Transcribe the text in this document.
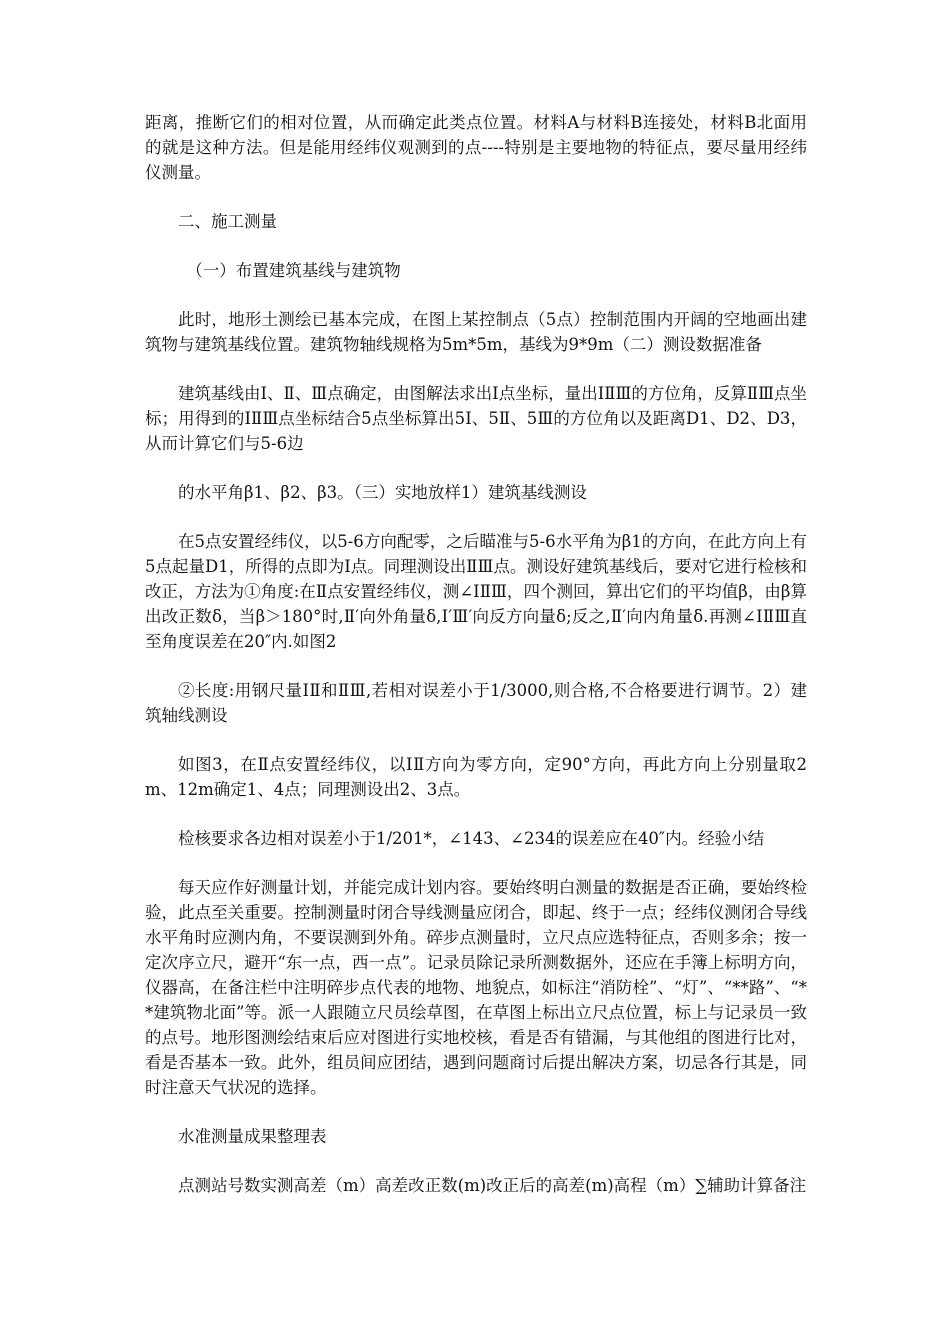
距离，推断它们的相对位置，从而确定此类点位置。材料A与材料B连接处，材料B北面用的就是这种方法。但是能用经纬仪观测到的点----特别是主要地物的特征点，要尽量用经纬仪测量。

二、施工测量

（一）布置建筑基线与建筑物

此时，地形土测绘已基本完成，在图上某控制点（5点）控制范围内开阔的空地画出建筑物与建筑基线位置。建筑物轴线规格为5m*5m，基线为9*9m（二）测设数据准备

建筑基线由Ⅰ、Ⅱ、Ⅲ点确定，由图解法求出Ⅰ点坐标，量出ⅠⅡⅢ的方位角，反算ⅡⅢ点坐标；用得到的ⅠⅡⅢ点坐标结合5点坐标算出5Ⅰ、5Ⅱ、5Ⅲ的方位角以及距离D1、D2、D3，从而计算它们与5-6边

的水平角β1、β2、β3。（三）实地放样1）建筑基线测设

在5点安置经纬仪，以5-6方向配零，之后瞄准与5-6水平角为β1的方向，在此方向上有5点起量D1，所得的点即为Ⅰ点。同理测设出ⅡⅢ点。测设好建筑基线后，要对它进行检核和改正，方法为①角度:在Ⅱ点安置经纬仪，测∠ⅠⅡⅢ，四个测回，算出它们的平均值β，由β算出改正数δ，当β＞180°时,Ⅱ′向外角量δ,Ⅰ′Ⅲ′向反方向量δ;反之,Ⅱ′向内角量δ.再测∠ⅠⅡⅢ直至角度误差在20″内.如图2

②长度:用钢尺量ⅠⅡ和ⅡⅢ,若相对误差小于1/3000,则合格,不合格要进行调节。2）建筑轴线测设

如图3，在Ⅱ点安置经纬仪，以ⅠⅡ方向为零方向，定90°方向，再此方向上分别量取2m、12m确定1、4点；同理测设出2、3点。

检核要求各边相对误差小于1/201*，∠143、∠234的误差应在40″内。经验小结

每天应作好测量计划，并能完成计划内容。要始终明白测量的数据是否正确，要始终检验，此点至关重要。控制测量时闭合导线测量应闭合，即起、终于一点；经纬仪测闭合导线水平角时应测内角，不要误测到外角。碎步点测量时，立尺点应选特征点，否则多余；按一定次序立尺，避开“东一点，西一点”。记录员除记录所测数据外，还应在手簿上标明方向，仪器高，在备注栏中注明碎步点代表的地物、地貌点，如标注“消防栓”、“灯”、“**路”、“**建筑物北面”等。派一人跟随立尺员绘草图，在草图上标出立尺点位置，标上与记录员一致的点号。地形图测绘结束后应对图进行实地校核，看是否有错漏，与其他组的图进行比对，看是否基本一致。此外，组员间应团结，遇到问题商讨后提出解决方案，切忌各行其是，同时注意天气状况的选择。

水准测量成果整理表

点测站号数实测高差（m）高差改正数(m)改正后的高差(m)高程（m）∑辅助计算备注
